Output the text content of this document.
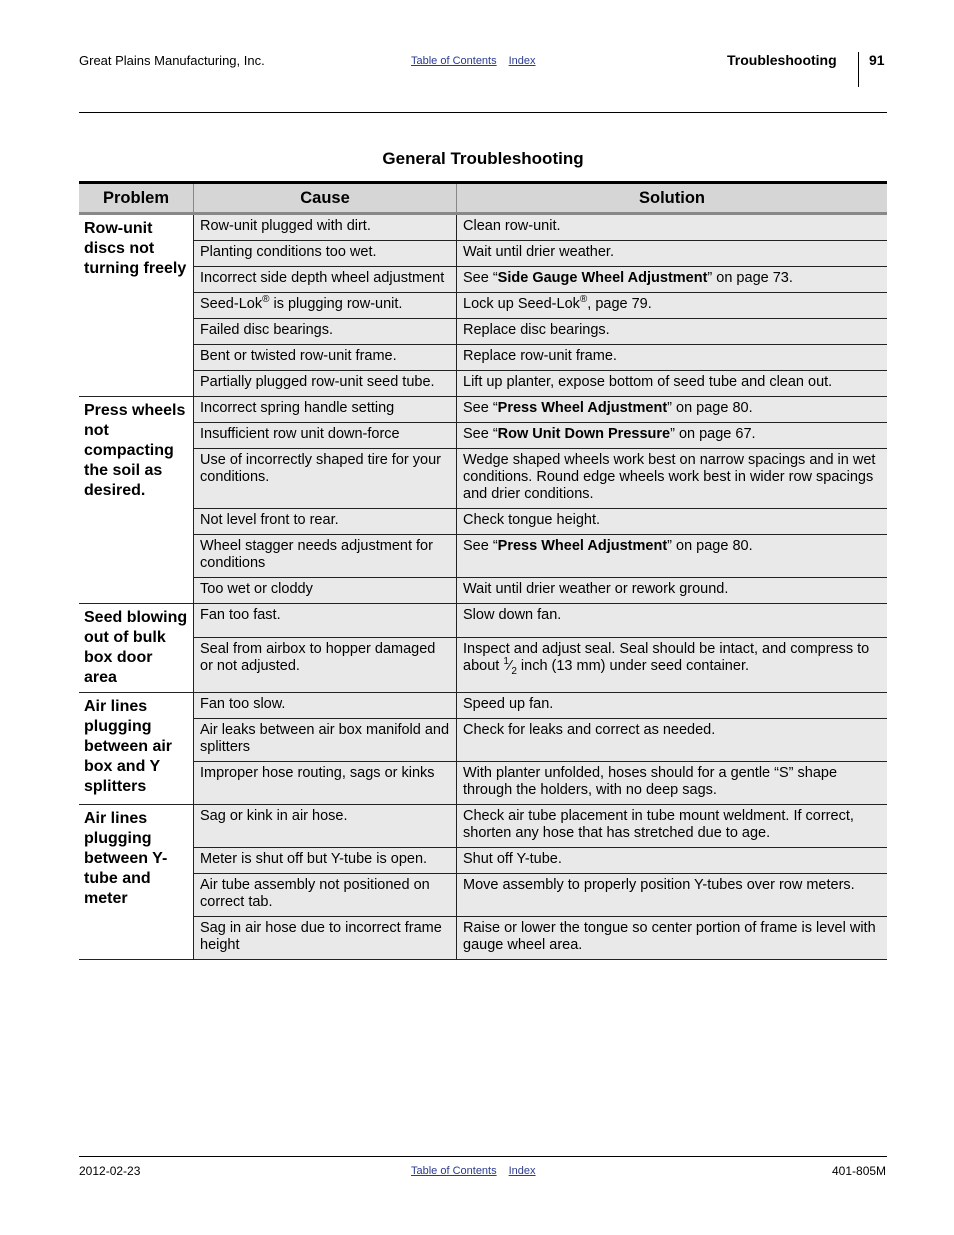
Great Plains Manufacturing, Inc.	Table of Contents Index	Troubleshooting 91
General Troubleshooting
Problem	Cause	Solution
Row-unit discs not turning freely	Row-unit plugged with dirt.	Clean row-unit.
	Planting conditions too wet.	Wait until drier weather.
	Incorrect side depth wheel adjustment	See “Side Gauge Wheel Adjustment” on page 73.
	Seed-Lok® is plugging row-unit.	Lock up Seed-Lok®, page 79.
	Failed disc bearings.	Replace disc bearings.
	Bent or twisted row-unit frame.	Replace row-unit frame.
	Partially plugged row-unit seed tube.	Lift up planter, expose bottom of seed tube and clean out.
Press wheels not compacting the soil as desired.	Incorrect spring handle setting	See “Press Wheel Adjustment” on page 80.
	Insufficient row unit down-force	See “Row Unit Down Pressure” on page 67.
	Use of incorrectly shaped tire for your conditions.	Wedge shaped wheels work best on narrow spacings and in wet conditions. Round edge wheels work best in wider row spacings and drier conditions.
	Not level front to rear.	Check tongue height.
	Wheel stagger needs adjustment for conditions	See “Press Wheel Adjustment” on page 80.
	Too wet or cloddy	Wait until drier weather or rework ground.
Seed blowing out of bulk box door area	Fan too fast.	Slow down fan.
	Seal from airbox to hopper damaged or not adjusted.	Inspect and adjust seal. Seal should be intact, and compress to about $^1⁄_2$ inch (13 mm) under seed container.
Air lines plugging between air box and Y splitters	Fan too slow.	Speed up fan.
	Air leaks between air box manifold and splitters	Check for leaks and correct as needed.
	Improper hose routing, sags or kinks	With planter unfolded, hoses should for a gentle “S” shape through the holders, with no deep sags.
Air lines plugging between Y-tube and meter	Sag or kink in air hose.	Check air tube placement in tube mount weldment. If correct, shorten any hose that has stretched due to age.
	Meter is shut off but Y-tube is open.	Shut off Y-tube.
	Air tube assembly not positioned on correct tab.	Move assembly to properly position Y-tubes over row meters.
	Sag in air hose due to incorrect frame height	Raise or lower the tongue so center portion of frame is level with gauge wheel area.
2012-02-23	Table of Contents Index	401-805M
